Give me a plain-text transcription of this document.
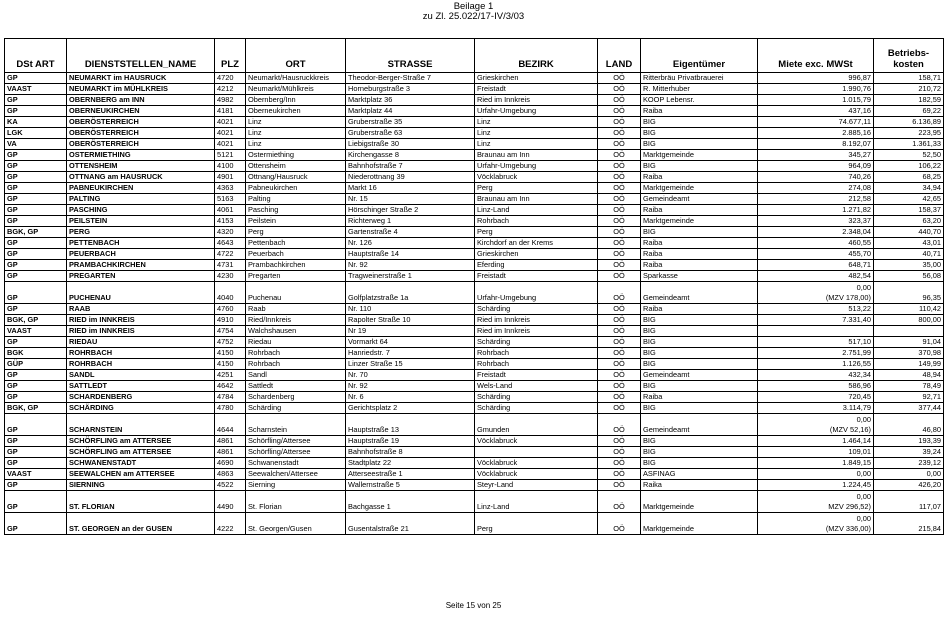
Beilage 1
zu Zl. 25.022/17-IV/3/03
DSt ART	DIENSTSTELLEN_NAME	PLZ	ORT	STRASSE	BEZIRK	LAND	Eigentümer	Miete exc. MWSt	Betriebs-
kosten

GP	NEUMARKT im HAUSRUCK	4720	Neumarkt/Hausruckkreis	Theodor-Berger-Straße 7	Grieskirchen	OÖ	Ritterbräu Privatbrauerei	996,87	158,71
VAAST	NEUMARKT im MÜHLKREIS	4212	Neumarkt/Mühlkreis	Horneburgstraße 3	Freistadt	OÖ	R. Mitterhuber	1.990,76	210,72
GP	OBERNBERG am INN	4982	Obernberg/Inn	Marktplatz 36	Ried im Innkreis	OÖ	KOOP Lebensr.	1.015,79	182,59
GP	OBERNEUKIRCHEN	4181	Oberneukirchen	Marktplatz 44	Urfahr-Umgebung	OÖ	Raiba	437,16	69,22
KA	OBERÖSTERREICH	4021	Linz	Gruberstraße 35	Linz	OÖ	BIG	74.677,11	6.136,89
LGK	OBERÖSTERREICH	4021	Linz	Gruberstraße 63	Linz	OÖ	BIG	2.885,16	223,95
VA	OBERÖSTERREICH	4021	Linz	Liebigstraße 30	Linz	OÖ	BIG	8.192,07	1.361,33
GP	OSTERMIETHING	5121	Ostermiething	Kirchengasse 8	Braunau am Inn	OÖ	Marktgemeinde	345,27	52,50
GP	OTTENSHEIM	4100	Ottensheim	Bahnhofstraße 7	Urfahr-Umgebung	OÖ	BIG	964,09	106,22
GP	OTTNANG am HAUSRUCK	4901	Ottnang/Hausruck	Niederottnang 39	Vöcklabruck	OÖ	Raiba	740,26	68,25
GP	PABNEUKIRCHEN	4363	Pabneukirchen	Markt 16	Perg	OÖ	Marktgemeinde	274,08	34,94
GP	PALTING	5163	Palting	Nr. 15	Braunau am Inn	OÖ	Gemeindeamt	212,58	42,65
GP	PASCHING	4061	Pasching	Hörschinger Straße 2	Linz-Land	OÖ	Raiba	1.271,82	158,37
GP	PEILSTEIN	4153	Peilstein	Richterweg 1	Rohrbach	OÖ	Marktgemeinde	323,37	63,20
BGK, GP	PERG	4320	Perg	Gartenstraße 4	Perg	OÖ	BIG	2.348,04	440,70
GP	PETTENBACH	4643	Pettenbach	Nr. 126	Kirchdorf an der Krems	OÖ	Raiba	460,55	43,01
GP	PEUERBACH	4722	Peuerbach	Hauptstraße 14	Grieskirchen	OÖ	Raiba	455,70	40,71
GP	PRAMBACHKIRCHEN	4731	Prambachkirchen	Nr. 92	Eferding	OÖ	Raiba	648,71	35,00
GP	PREGARTEN	4230	Pregarten	Tragweinerstraße 1	Freistadt	OÖ	Sparkasse	482,54	56,08
GP	PUCHENAU	4040	Puchenau	Golfplatzstraße 1a	Urfahr-Umgebung	OÖ	Gemeindeamt	0,00
(MZV 178,00)	96,35
GP	RAAB	4760	Raab	Nr. 110	Schärding	OÖ	Raiba	513,22	110,42
BGK, GP	RIED im INNKREIS	4910	Ried/Innkreis	Rapolter Straße 10	Ried im Innkreis	OÖ	BIG	7.331,40	800,00
VAAST	RIED im INNKREIS	4754	Walchshausen	Nr 19	Ried im Innkreis	OÖ	BIG	

GP	RIEDAU	4752	Riedau	Vormarkt 64	Schärding	OÖ	BIG	517,10	91,04
BGK	ROHRBACH	4150	Rohrbach	Hanriedstr. 7	Rohrbach	OÖ	BIG	2.751,99	370,98
GÜP	ROHRBACH	4150	Rohrbach	Linzer Straße 15	Rohrbach	OÖ	BIG	1.126,55	149,99
GP	SANDL	4251	Sandl	Nr. 70	Freistadt	OÖ	Gemeindeamt	432,34	48,94
GP	SATTLEDT	4642	Sattledt	Nr. 92	Wels-Land	OÖ	BIG	586,96	78,49
GP	SCHARDENBERG	4784	Schardenberg	Nr. 6	Schärding	OÖ	Raiba	720,45	92,71
BGK, GP	SCHÄRDING	4780	Schärding	Gerichtsplatz 2	Schärding	OÖ	BIG	3.114,79	377,44
GP	SCHARNSTEIN	4644	Scharnstein	Hauptstraße 13	Gmunden	OÖ	Gemeindeamt	0,00
(MZV 52,16)	46,80
GP	SCHÖRFLING am ATTERSEE	4861	Schörfling/Attersee	Hauptstraße 19	Vöcklabruck	OÖ	BIG	1.464,14	193,39
GP	SCHÖRFLING am ATTERSEE	4861	Schörfling/Attersee	Bahnhofstraße 8		OÖ	BIG	109,01	39,24
GP	SCHWANENSTADT	4690	Schwanenstadt	Stadtplatz 22	Vöcklabruck	OÖ	BIG	1.849,15	239,12
VAAST	SEEWALCHEN am ATTERSEE	4863	Seewalchen/Attersee	Atterseestraße 1	Vöcklabruck	OÖ	ASFINAG	0,00	0,00
GP	SIERNING	4522	Sierning	Wallernstraße 5	Steyr-Land	OÖ	Raika	1.224,45	426,20
GP	ST. FLORIAN	4490	St. Florian	Bachgasse 1	Linz-Land	OÖ	Marktgemeinde	0,00
MZV 296,52)	117,07
GP	ST. GEORGEN an der GUSEN	4222	St. Georgen/Gusen	Gusentalstraße 21	Perg	OÖ	Marktgemeinde	0,00
(MZV 336,00)	215,84
Seite 15 von 25
